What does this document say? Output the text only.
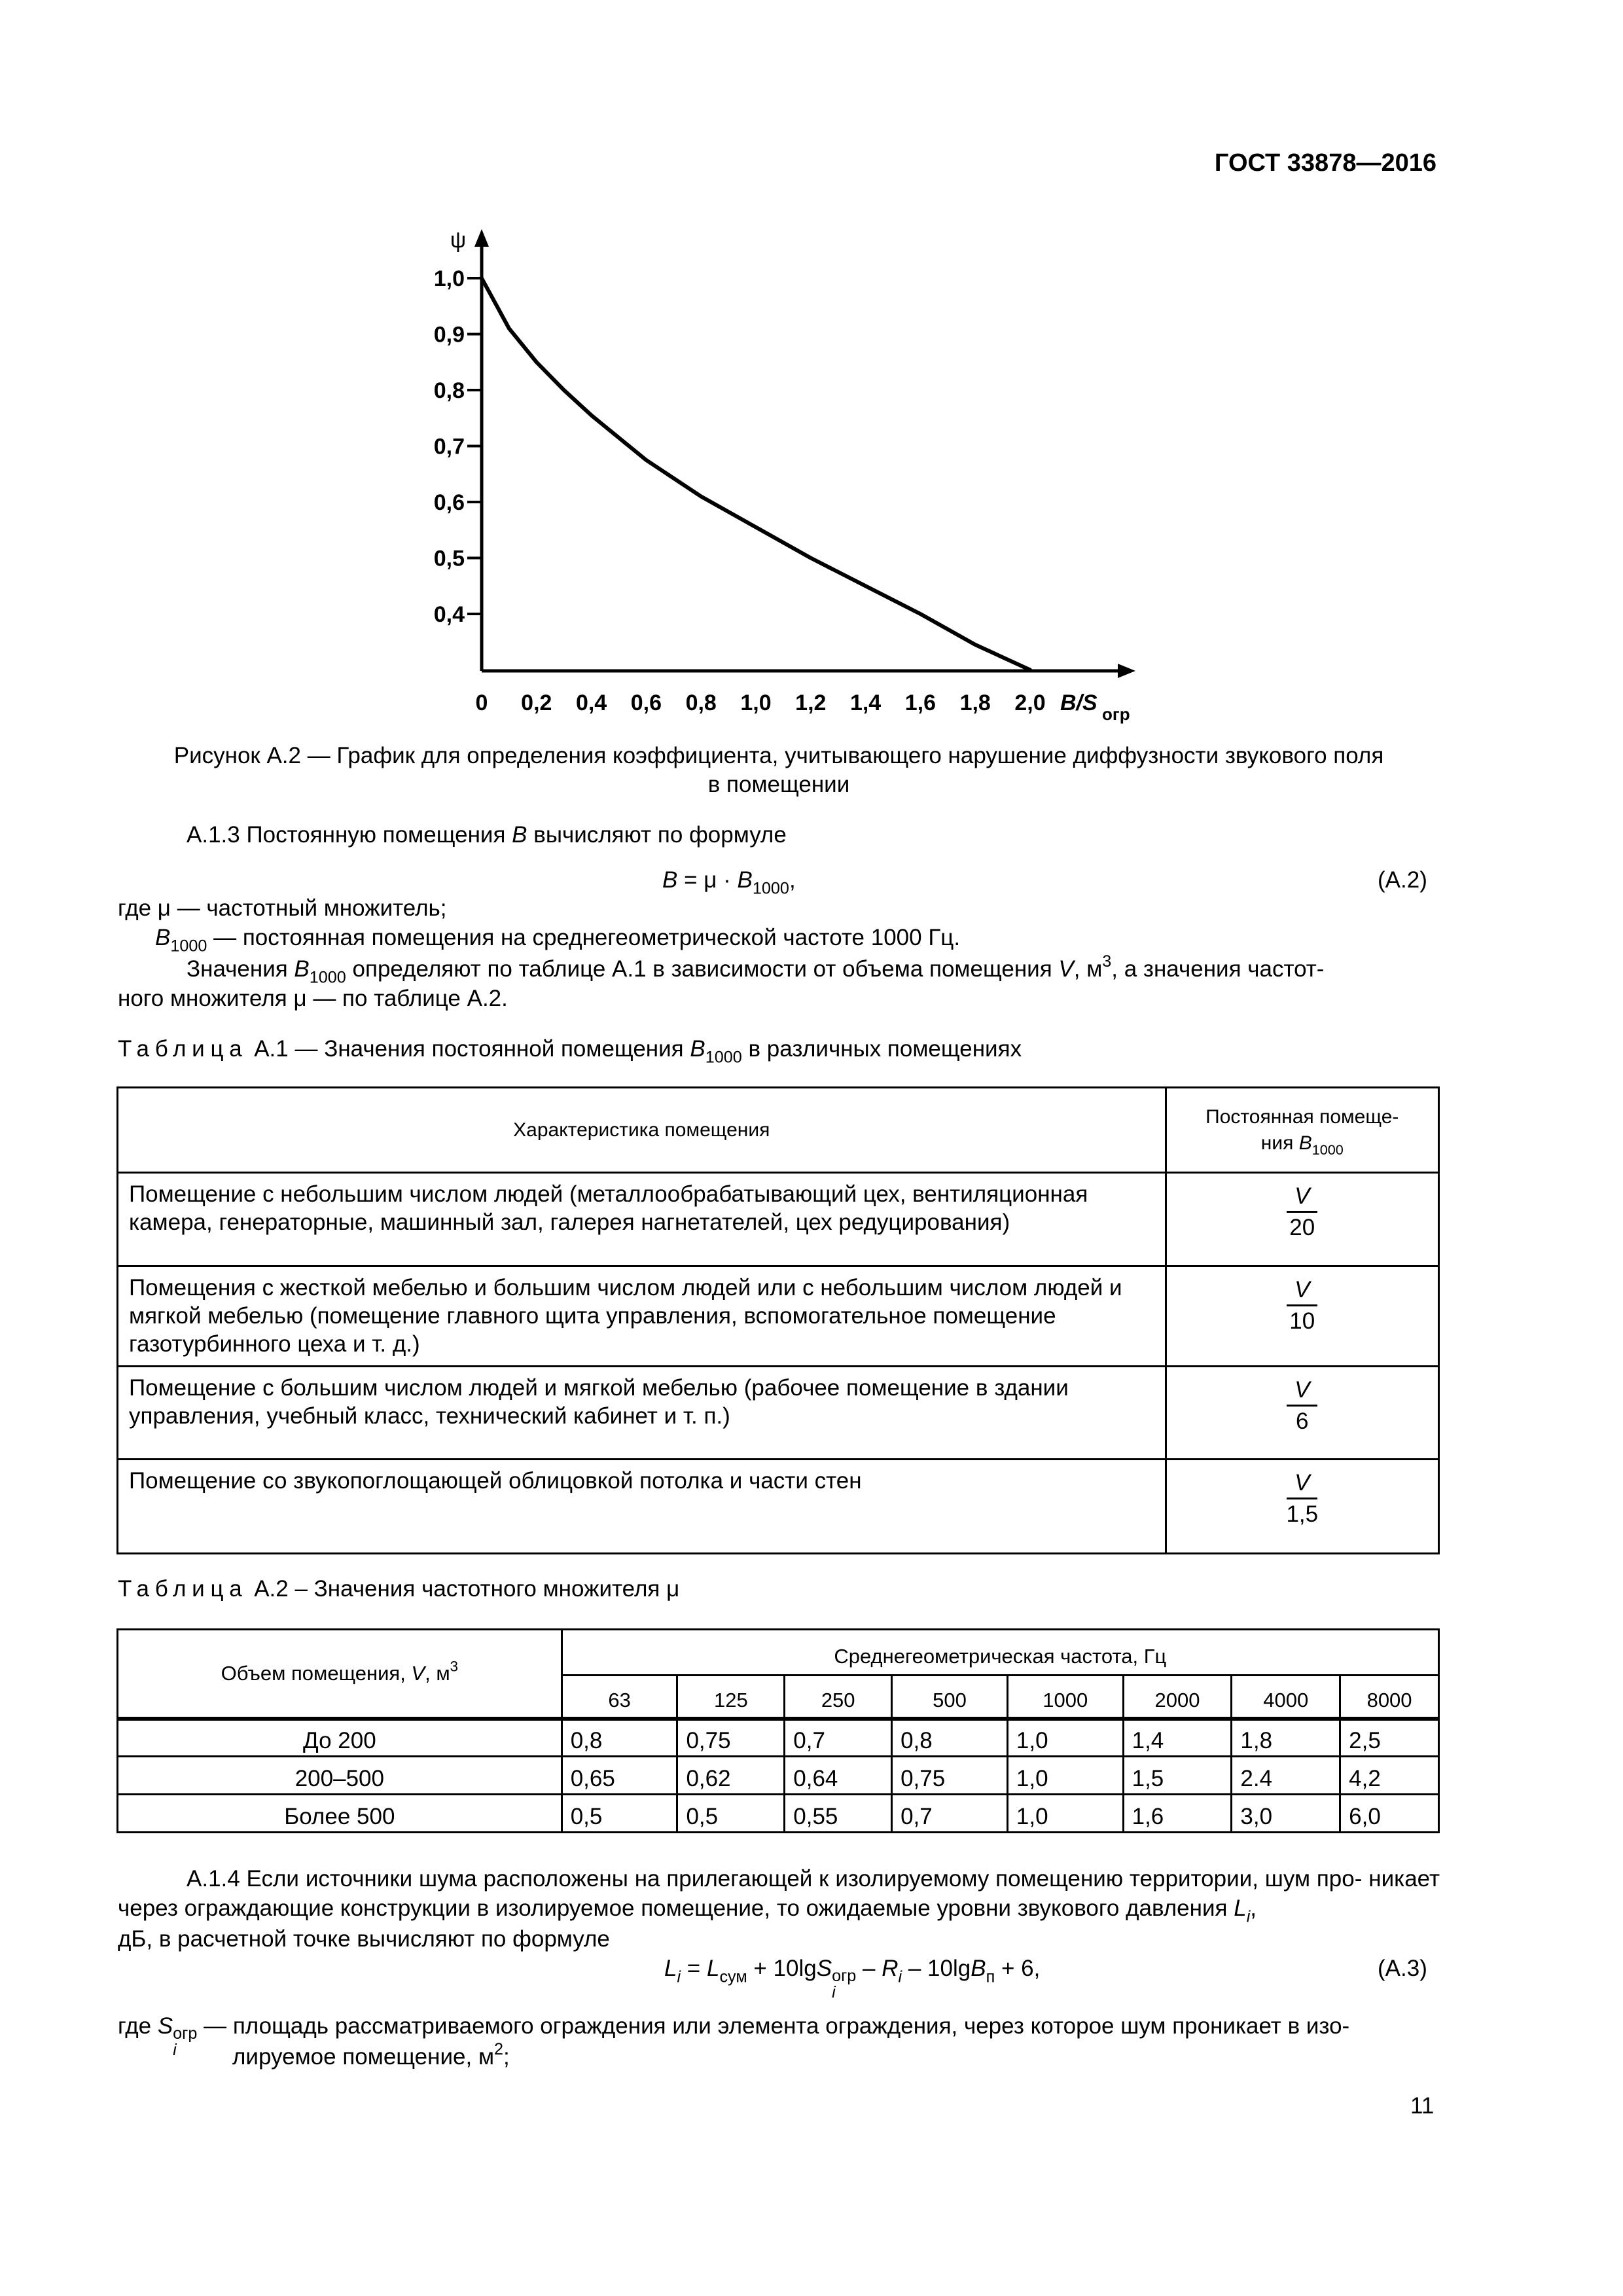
ГОСТ 33878—2016
ψ
1,0
0,9
0,8
0,7
0,6
0,5
0,4
0 0,2 0,4 0,6 0,8 1,0 1,2 1,4 1,6 1,8 2,0 B/S огр
Рисунок А.2 — График для определения коэффициента, учитывающего нарушение диффузности звукового поля
в помещении
А.1.3 Постоянную помещения B вычисляют по формуле
$B = \mu \cdot B_{1000}$,	(А.2)
где μ — частотный множитель;
$B_{1000}$ — постоянная помещения на среднегеометрической частоте 1000 Гц.
Значения $B_{1000}$ определяют по таблице А.1 в зависимости от объема помещения V, $м^3$, а значения частот-
ного множителя μ — по таблице А.2.
Таблица А.1 — Значения постоянной помещения $B_{1000}$ в различных помещениях
Характеристика помещения	Постоянная помеще-
ния $B_{1000}$

Помещение с небольшим числом людей (металлообрабатывающий цех, вентиляционная камера, генераторные, машинный зал, галерея нагнетателей, цех редуцирования)	$\frac{V}{20}$

Помещения с жесткой мебелью и большим числом людей или с небольшим числом людей и мягкой мебелью (помещение главного щита управления, вспомогательное помещение газотурбинного цеха и т. д.)	$\frac{V}{10}$

Помещение с большим числом людей и мягкой мебелью (рабочее помещение в здании управления, учебный класс, технический кабинет и т. п.)	$\frac{V}{6}$

Помещение со звукопоглощающей облицовкой потолка и части стен	$\frac{V}{1,5}$
Таблица А.2 – Значения частотного множителя μ
Объем помещения, V, $м^3$	Среднегеометрическая частота, Гц							
	63	125	250	500	1000	2000	4000	8000
До 200	0,8	0,75	0,7	0,8	1,0	1,4	1,8	2,5
200–500	0,65	0,62	0,64	0,75	1,0	1,5	2.4	4,2
Более 500	0,5	0,5	0,55	0,7	1,0	1,6	3,0	6,0
А.1.4 Если источники шума расположены на прилегающей к изолируемому помещению территории, шум про- никает через ограждающие конструкции в изолируемое помещение, то ожидаемые уровни звукового давления $L_i$,
дБ, в расчетной точке вычисляют по формуле
$L_i = L_{сум} + 10\lg S$ огр
i
– $R_i - 10\lg B_п + 6$,	(А.3)
где S огр
i
— площадь рассматриваемого ограждения или элемента ограждения, через которое шум проникает в изо-
лируемое помещение, $м^2$;
11
